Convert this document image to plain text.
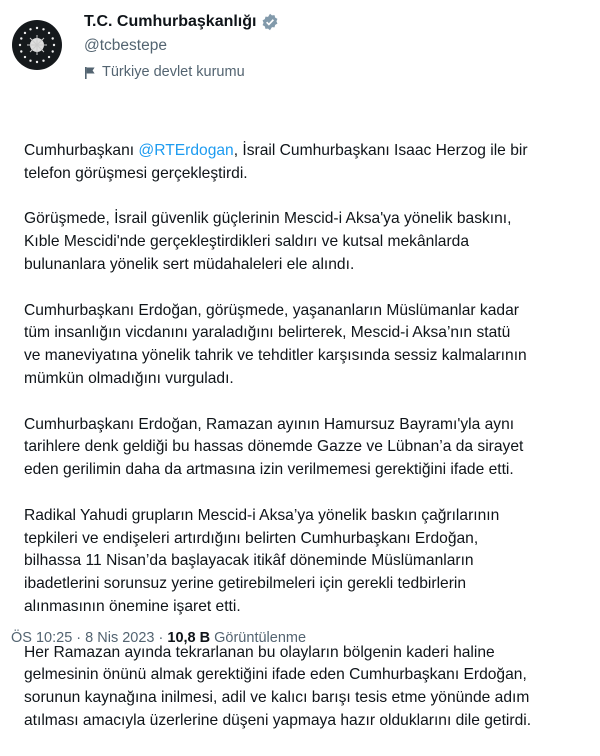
T.C. Cumhurbaşkanlığı
@tcbestepe
Türkiye devlet kurumu

Cumhurbaşkanı @RTErdogan, İsrail Cumhurbaşkanı Isaac Herzog ile bir
telefon görüşmesi gerçekleştirdi.

Görüşmede, İsrail güvenlik güçlerinin Mescid-i Aksa'ya yönelik baskını,
Kıble Mescidi'nde gerçekleştirdikleri saldırı ve kutsal mekânlarda
bulunanlara yönelik sert müdahaleleri ele alındı.

Cumhurbaşkanı Erdoğan, görüşmede, yaşananların Müslümanlar kadar
tüm insanlığın vicdanını yaraladığını belirterek, Mescid-i Aksa’nın statü
ve maneviyatına yönelik tahrik ve tehditler karşısında sessiz kalmalarının
mümkün olmadığını vurguladı.

Cumhurbaşkanı Erdoğan, Ramazan ayının Hamursuz Bayramı'yla aynı
tarihlere denk geldiği bu hassas dönemde Gazze ve Lübnan’a da sirayet
eden gerilimin daha da artmasına izin verilmemesi gerektiğini ifade etti.

Radikal Yahudi grupların Mescid-i Aksa’ya yönelik baskın çağrılarının
tepkileri ve endişeleri artırdığını belirten Cumhurbaşkanı Erdoğan,
bilhassa 11 Nisan’da başlayacak itikâf döneminde Müslümanların
ibadetlerini sorunsuz yerine getirebilmeleri için gerekli tedbirlerin
alınmasının önemine işaret etti.

Her Ramazan ayında tekrarlanan bu olayların bölgenin kaderi haline
gelmesinin önünü almak gerektiğini ifade eden Cumhurbaşkanı Erdoğan,
sorunun kaynağına inilmesi, adil ve kalıcı barışı tesis etme yönünde adım
atılması amacıyla üzerlerine düşeni yapmaya hazır olduklarını dile getirdi.

ÖS 10:25 · 8 Nis 2023 · 10,8 B Görüntülenme
